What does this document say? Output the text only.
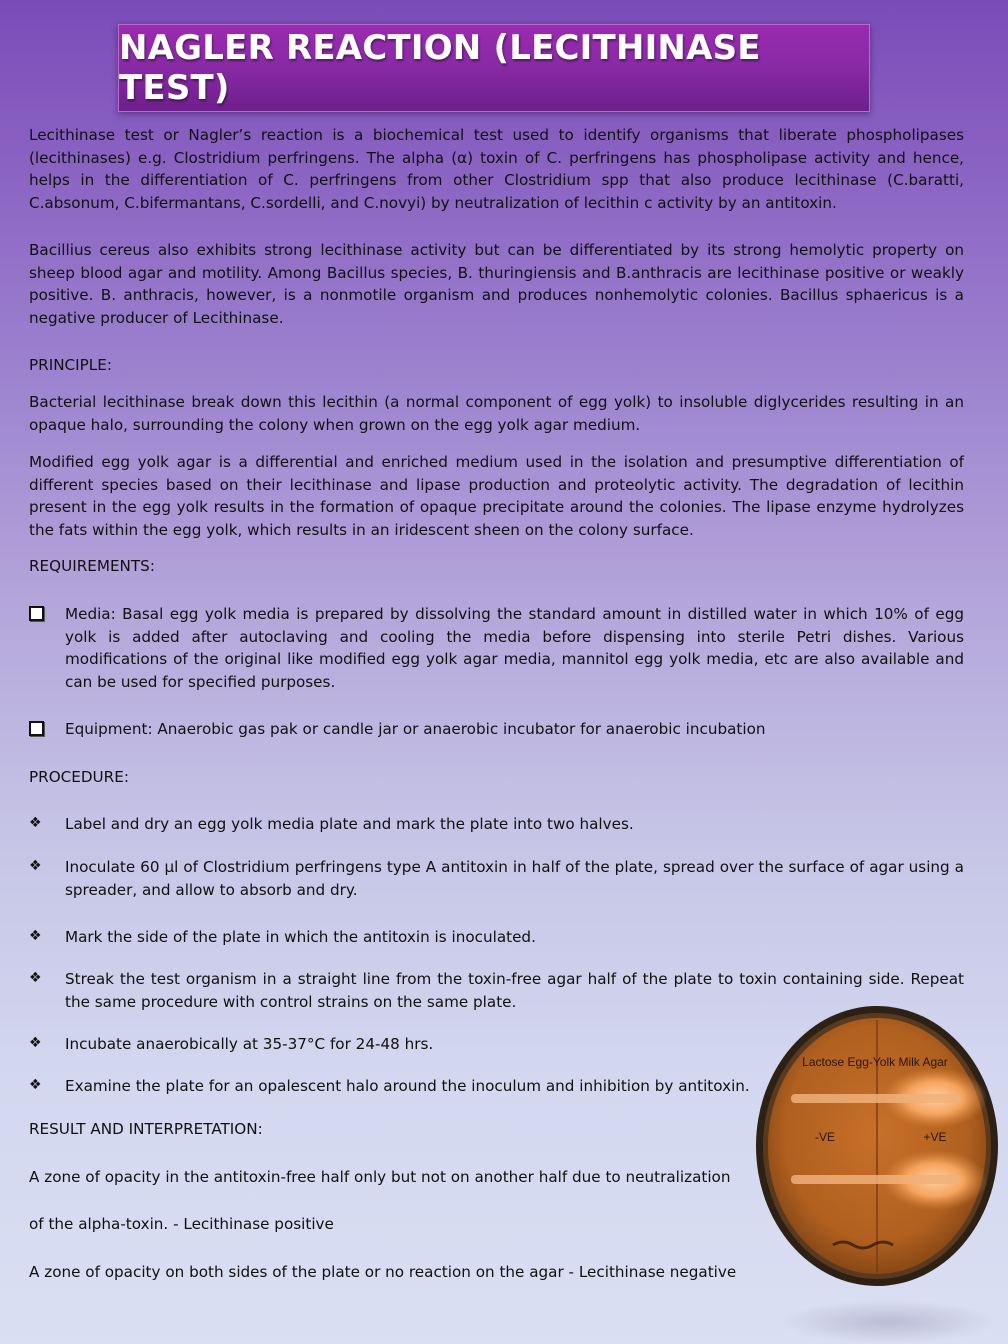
NAGLER REACTION (LECITHINASE TEST)

Lecithinase test or Nagler’s reaction is a biochemical test used to identify organisms that liberate phospholipases (lecithinases) e.g. Clostridium perfringens. The alpha (α) toxin of C. perfringens has phospholipase activity and hence, helps in the differentiation of C. perfringens from other Clostridium spp that also produce lecithinase (C.baratti, C.absonum, C.bifermantans, C.sordelli, and C.novyi) by neutralization of lecithin c activity by an antitoxin.

Bacillius cereus also exhibits strong lecithinase activity but can be differentiated by its strong hemolytic property on sheep blood agar and motility. Among Bacillus species, B. thuringiensis and B.anthracis are lecithinase positive or weakly positive. B. anthracis, however, is a nonmotile organism and produces nonhemolytic colonies. Bacillus sphaericus is a negative producer of Lecithinase.

PRINCIPLE:

Bacterial lecithinase break down this lecithin (a normal component of egg yolk) to insoluble diglycerides resulting in an opaque halo, surrounding the colony when grown on the egg yolk agar medium.

Modified egg yolk agar is a differential and enriched medium used in the isolation and presumptive differentiation of different species based on their lecithinase and lipase production and proteolytic activity. The degradation of lecithin present in the egg yolk results in the formation of opaque precipitate around the colonies. The lipase enzyme hydrolyzes the fats within the egg yolk, which results in an iridescent sheen on the colony surface.

REQUIREMENTS:

Media: Basal egg yolk media is prepared by dissolving the standard amount in distilled water in which 10% of egg yolk is added after autoclaving and cooling the media before dispensing into sterile Petri dishes. Various modifications of the original like modified egg yolk agar media, mannitol egg yolk media, etc are also available and can be used for specified purposes.

Equipment: Anaerobic gas pak or candle jar or anaerobic incubator for anaerobic incubation

PROCEDURE:

❖	Label and dry an egg yolk media plate and mark the plate into two halves.

❖	Inoculate 60 µl of Clostridium perfringens type A antitoxin in half of the plate, spread over the surface of agar using a spreader, and allow to absorb and dry.

❖	Mark the side of the plate in which the antitoxin is inoculated.

❖	Streak the test organism in a straight line from the toxin-free agar half of the plate to toxin containing side. Repeat the same procedure with control strains on the same plate.

❖	Incubate anaerobically at 35-37°C for 24-48 hrs.

❖	Examine the plate for an opalescent halo around the inoculum and inhibition by antitoxin.

RESULT AND INTERPRETATION:

A zone of opacity in the antitoxin-free half only but not on another half due to neutralization

of the alpha-toxin. - Lecithinase positive

A zone of opacity on both sides of the plate or no reaction on the agar - Lecithinase negative

Lactose Egg-Yolk Milk Agar
-VE	+VE
